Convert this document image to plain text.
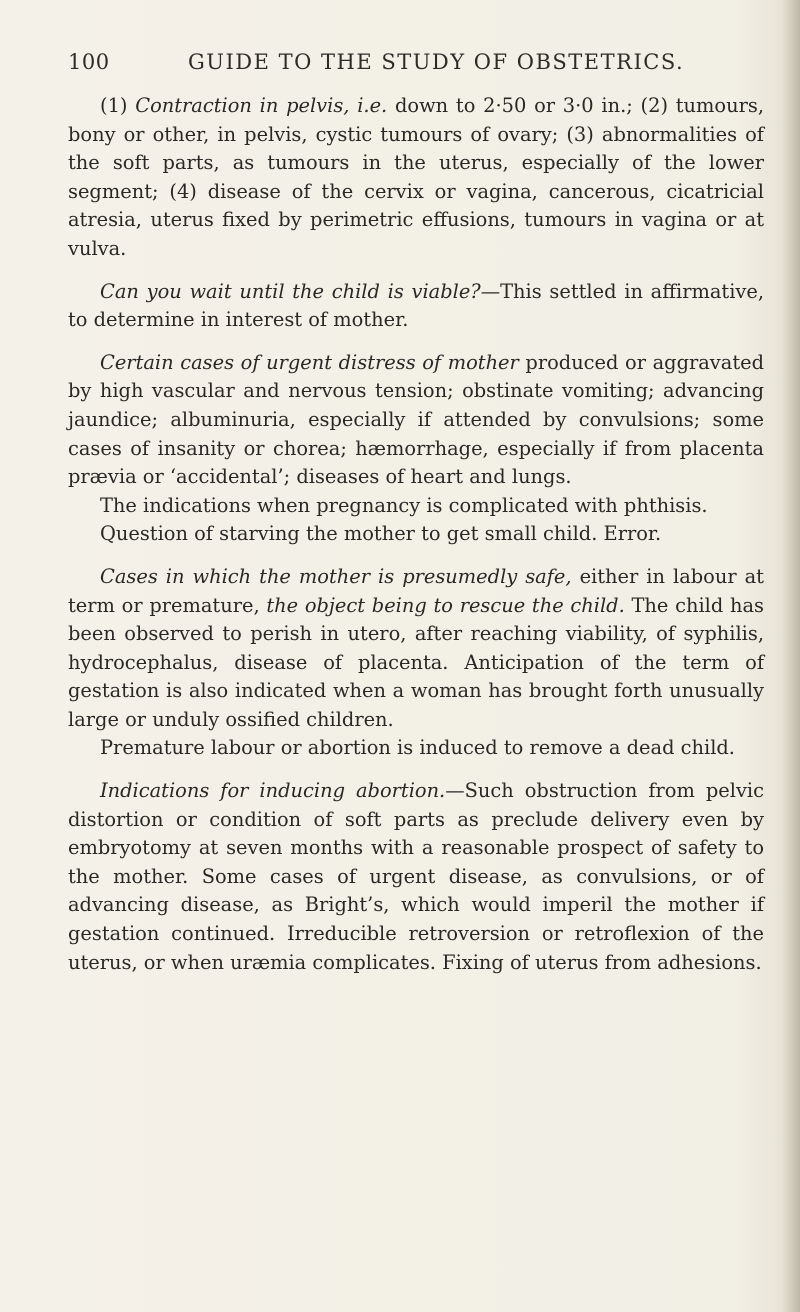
100	GUIDE TO THE STUDY OF OBSTETRICS.

(1) Contraction in pelvis, i.e. down to 2·50 or 3·0 in.; (2) tumours, bony or other, in pelvis, cystic tumours of ovary; (3) abnormalities of the soft parts, as tumours in the uterus, especially of the lower segment; (4) disease of the cervix or vagina, cancerous, cicatricial atresia, uterus fixed by perimetric effusions, tumours in vagina or at vulva.

Can you wait until the child is viable?—This settled in affirmative, to determine in interest of mother.

Certain cases of urgent distress of mother produced or aggravated by high vascular and nervous tension; obstinate vomiting; advancing jaundice; albuminuria, especially if attended by convulsions; some cases of insanity or chorea; hæmorrhage, especially if from placenta prævia or ‘accidental’; diseases of heart and lungs.

The indications when pregnancy is complicated with phthisis.

Question of starving the mother to get small child. Error.

Cases in which the mother is presumedly safe, either in labour at term or premature, the object being to rescue the child. The child has been observed to perish in utero, after reaching viability, of syphilis, hydrocephalus, disease of placenta. Anticipation of the term of gestation is also indicated when a woman has brought forth unusually large or unduly ossified children.

Premature labour or abortion is induced to remove a dead child.

Indications for inducing abortion.—Such obstruction from pelvic distortion or condition of soft parts as preclude delivery even by embryotomy at seven months with a reasonable prospect of safety to the mother. Some cases of urgent disease, as convulsions, or of advancing disease, as Bright’s, which would imperil the mother if gestation continued. Irreducible retroversion or retroflexion of the uterus, or when uræmia complicates. Fixing of uterus from adhesions.
